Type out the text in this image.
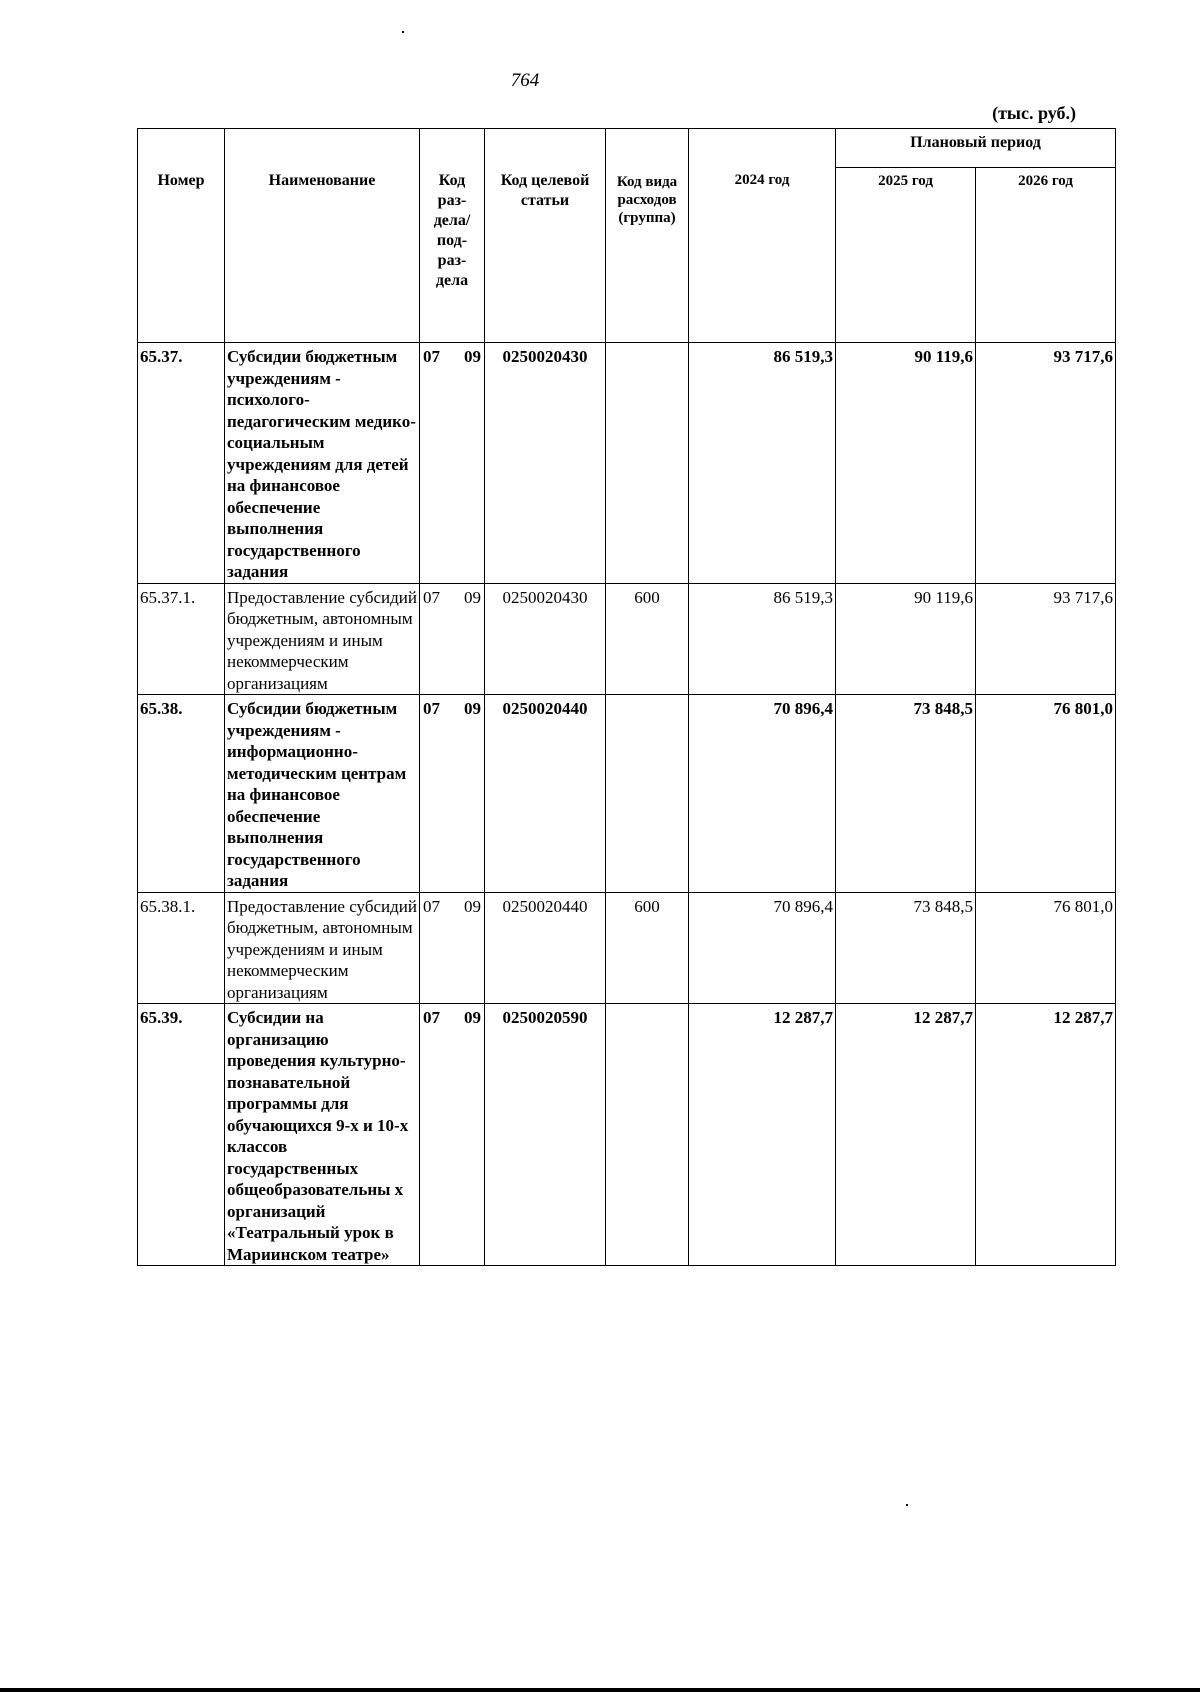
764
(тыс. руб.)
Номер	Наименование	Код раз-дела/ под-раз-дела	Код целевой статьи	Код вида расходов (группа)	2024 год	Плановый период	
						2025 год	2026 год
65.37.	Субсидии бюджетным учреждениям - психолого-педагогическим медико-социальным учреждениям для детей на финансовое обеспечение выполнения государственного задания	07 09	0250020430		86 519,3	90 119,6	93 717,6
65.37.1.	Предоставление субсидий бюджетным, автономным учреждениям и иным некоммерческим организациям	07 09	0250020430	600	86 519,3	90 119,6	93 717,6
65.38.	Субсидии бюджетным учреждениям - информационно-методическим центрам на финансовое обеспечение выполнения государственного задания	07 09	0250020440		70 896,4	73 848,5	76 801,0
65.38.1.	Предоставление субсидий бюджетным, автономным учреждениям и иным некоммерческим организациям	07 09	0250020440	600	70 896,4	73 848,5	76 801,0
65.39.	Субсидии на организацию проведения культурно-познавательной программы для обучающихся 9-х и 10-х классов государственных общеобразовательны х организаций «Театральный урок в Мариинском театре»	07 09	0250020590		12 287,7	12 287,7	12 287,7
